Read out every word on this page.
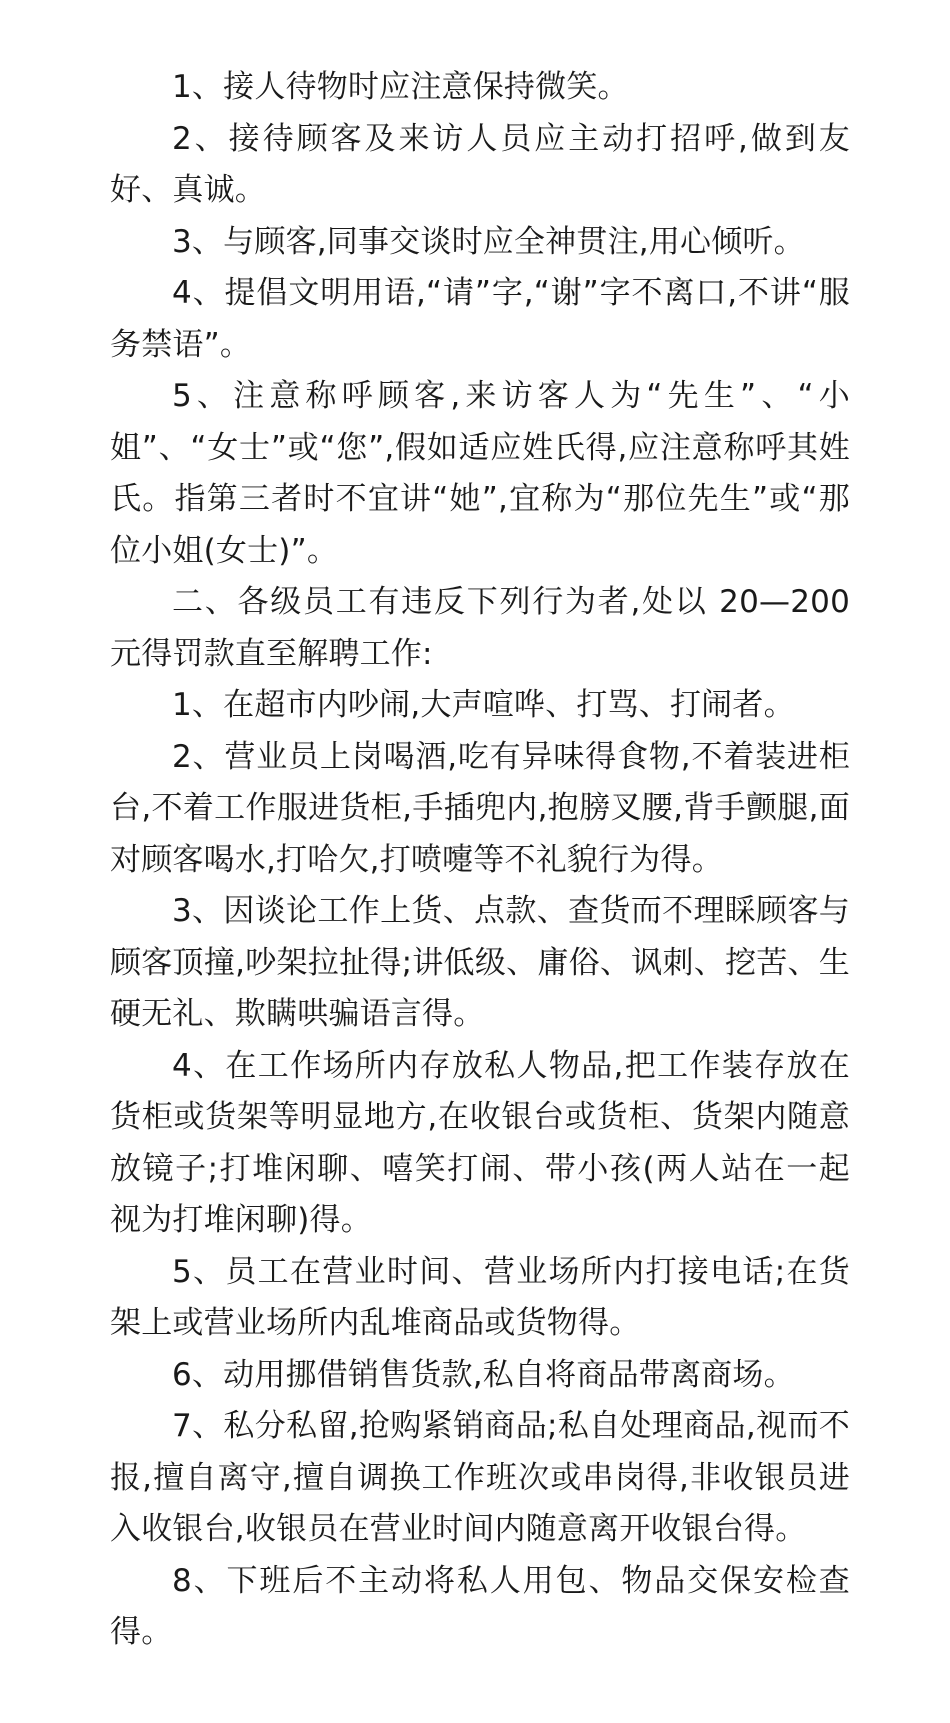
1、接人待物时应注意保持微笑。

2、接待顾客及来访人员应主动打招呼,做到友好、真诚。

3、与顾客,同事交谈时应全神贯注,用心倾听。

4、提倡文明用语,“请”字,“谢”字不离口,不讲“服务禁语”。

5、注意称呼顾客,来访客人为“先生”、“小姐”、“女士”或“您”,假如适应姓氏得,应注意称呼其姓氏。指第三者时不宜讲“她”,宜称为“那位先生”或“那位小姐(女士)”。

二、各级员工有违反下列行为者,处以 20—200 元得罚款直至解聘工作:

1、在超市内吵闹,大声喧哗、打骂、打闹者。

2、营业员上岗喝酒,吃有异味得食物,不着装进柜台,不着工作服进货柜,手插兜内,抱膀叉腰,背手颤腿,面对顾客喝水,打哈欠,打喷嚏等不礼貌行为得。

3、因谈论工作上货、点款、查货而不理睬顾客与顾客顶撞,吵架拉扯得;讲低级、庸俗、讽刺、挖苦、生硬无礼、欺瞒哄骗语言得。

4、在工作场所内存放私人物品,把工作装存放在货柜或货架等明显地方,在收银台或货柜、货架内随意放镜子;打堆闲聊、嘻笑打闹、带小孩(两人站在一起视为打堆闲聊)得。

5、员工在营业时间、营业场所内打接电话;在货架上或营业场所内乱堆商品或货物得。

6、动用挪借销售货款,私自将商品带离商场。

7、私分私留,抢购紧销商品;私自处理商品,视而不报,擅自离守,擅自调换工作班次或串岗得,非收银员进入收银台,收银员在营业时间内随意离开收银台得。

8、下班后不主动将私人用包、物品交保安检查得。
